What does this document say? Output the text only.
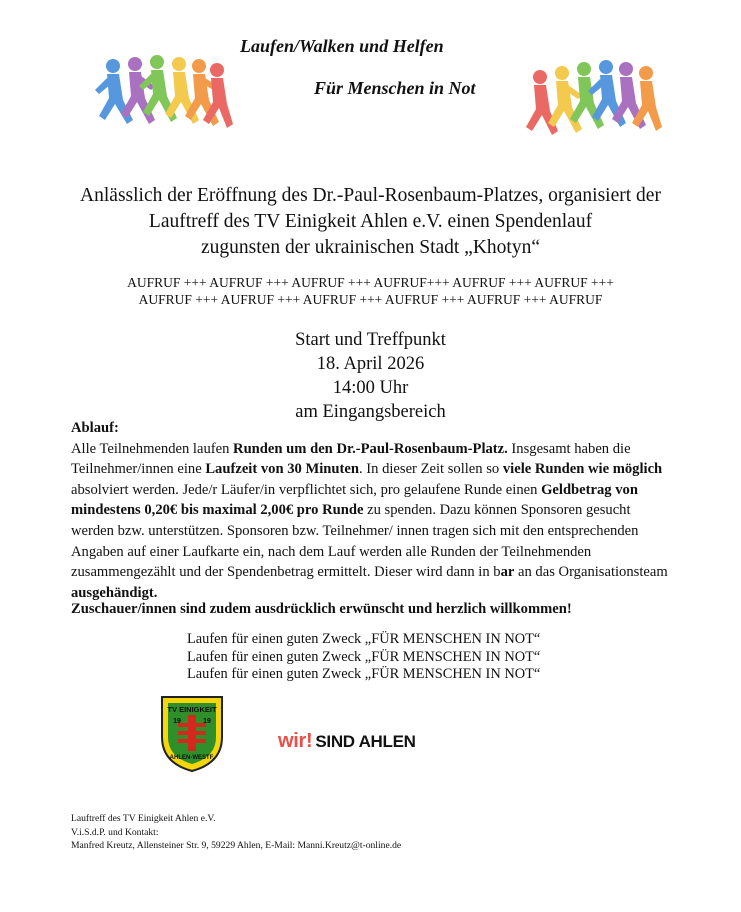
Laufen/Walken und Helfen
Für Menschen in Not
Anlässlich der Eröffnung des Dr.-Paul-Rosenbaum-Platzes, organisiert der
Lauftreff des TV Einigkeit Ahlen e.V. einen Spendenlauf
zugunsten der ukrainischen Stadt „Khotyn“
AUFRUF +++ AUFRUF +++ AUFRUF +++ AUFRUF+++ AUFRUF +++ AUFRUF +++
AUFRUF +++ AUFRUF +++ AUFRUF +++ AUFRUF +++ AUFRUF +++ AUFRUF
Start und Treffpunkt
18. April 2026
14:00 Uhr
am Eingangsbereich
Ablauf:
Alle Teilnehmenden laufen Runden um den Dr.-Paul-Rosenbaum-Platz. Insgesamt haben die Teilnehmer/innen eine Laufzeit von 30 Minuten. In dieser Zeit sollen so viele Runden wie möglich absolviert werden. Jede/r Läufer/in verpflichtet sich, pro gelaufene Runde einen Geldbetrag von mindestens 0,20€ bis maximal 2,00€ pro Runde zu spenden. Dazu können Sponsoren gesucht werden bzw. unterstützen. Sponsoren bzw. Teilnehmer/ innen tragen sich mit den entsprechenden Angaben auf einer Laufkarte ein, nach dem Lauf werden alle Runden der Teilnehmenden zusammengezählt und der Spendenbetrag ermittelt. Dieser wird dann in bar an das Organisationsteam ausgehändigt.
Zuschauer/innen sind zudem ausdrücklich erwünscht und herzlich willkommen!
Laufen für einen guten Zweck „FÜR MENSCHEN IN NOT“
Laufen für einen guten Zweck „FÜR MENSCHEN IN NOT“
Laufen für einen guten Zweck „FÜR MENSCHEN IN NOT“
TV EINIGKEIT
19	19
AHLEN-WESTF.
wir! SIND AHLEN
Lauftreff des TV Einigkeit Ahlen e.V.
V.i.S.d.P. und Kontakt:
Manfred Kreutz, Allensteiner Str. 9, 59229 Ahlen, E-Mail: Manni.Kreutz@t-online.de
